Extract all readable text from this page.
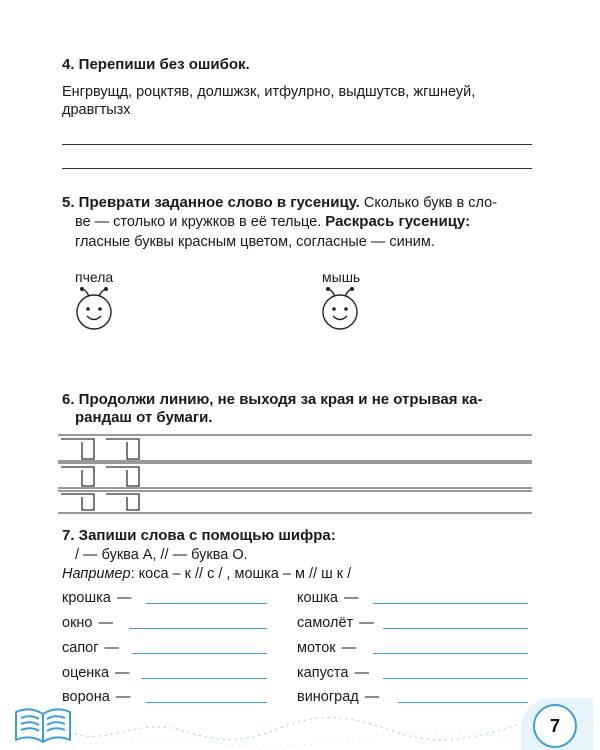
4. Перепиши без ошибок.
Енгрвущд, роцктяв, долшжзк, итфулрно, выдшутсв, жгшнеуй,
дравгтызх
5. Преврати заданное слово в гусеницу. Сколько букв в сло-
ве — столько и кружков в её тельце. Раскрась гусеницу:
гласные буквы красным цветом, согласные — синим.
пчела	мышь
6. Продолжи линию, не выходя за края и не отрывая ка-
рандаш от бумаги.
7. Запиши слова с помощью шифра:
/ — буква А, // — буква О.
Например: коса – к // с / , мошка – м // ш к /
крошка —
окно —
сапог —
оценка —
ворона —
кошка —
самолёт —
моток —
капуста —
виноград —
7
